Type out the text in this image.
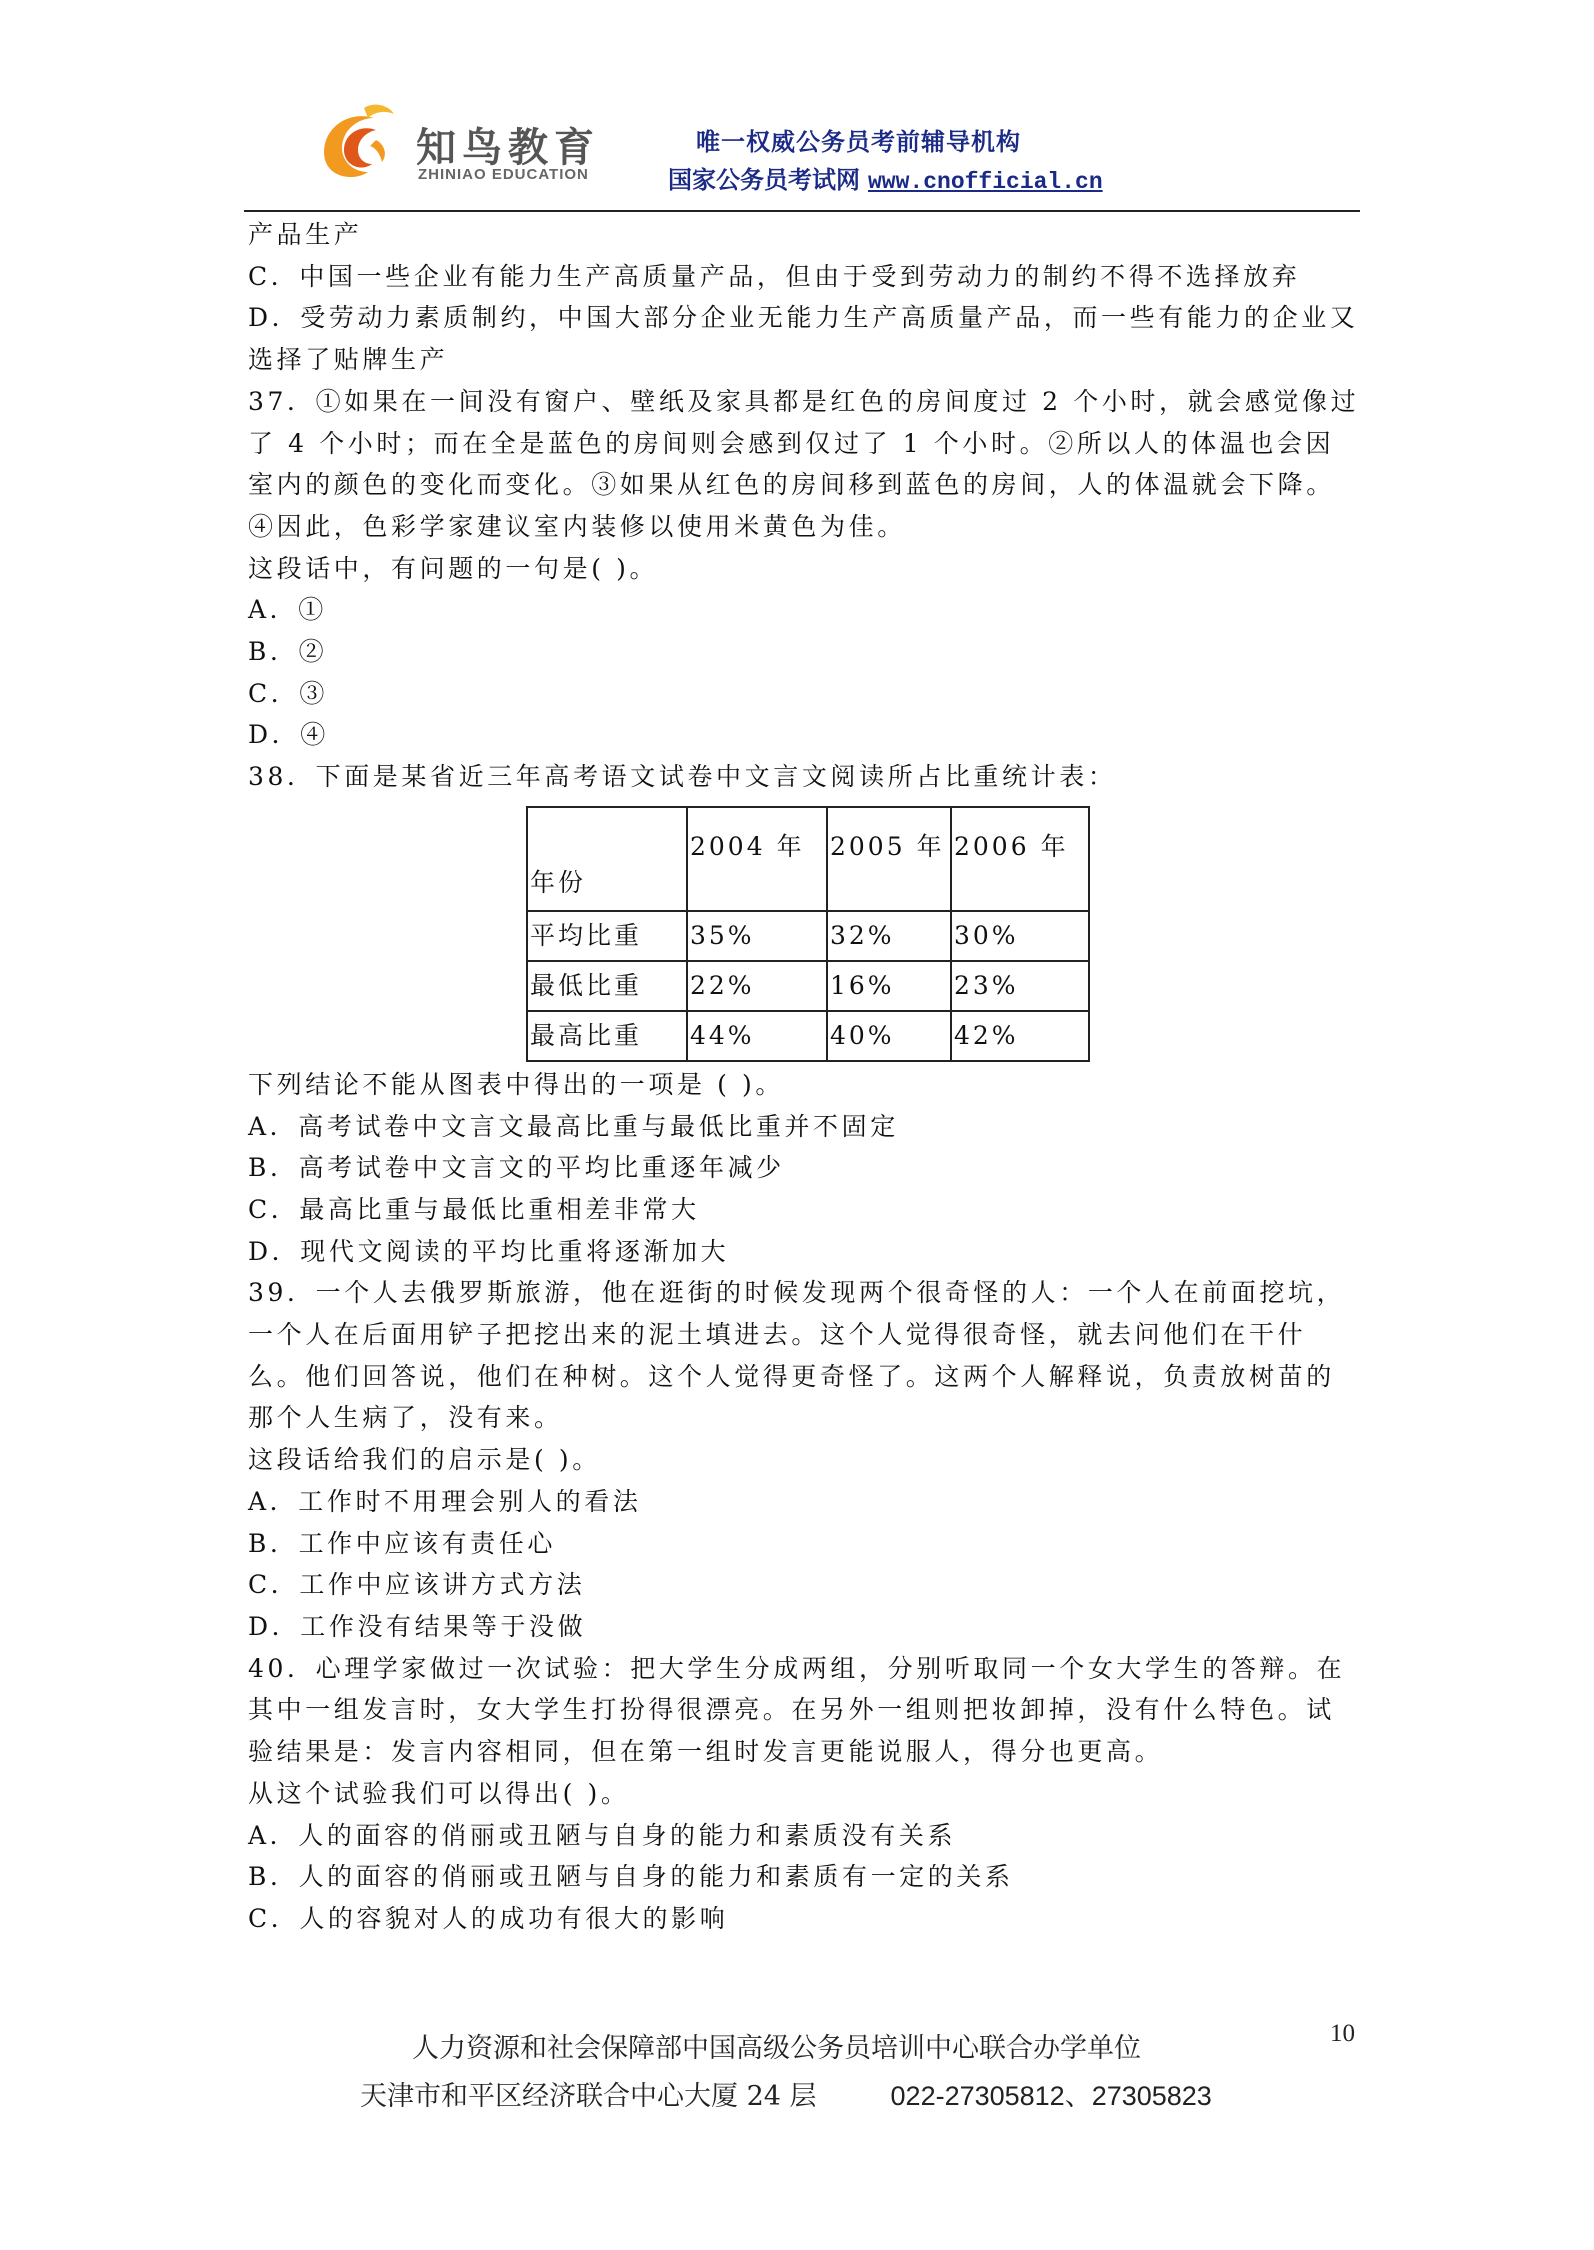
知鸟教育
ZHINIAO EDUCATION
唯一权威公务员考前辅导机构
国家公务员考试网 www.cnofficial.cn

产品生产

C．中国一些企业有能力生产高质量产品，但由于受到劳动力的制约不得不选择放弃

D．受劳动力素质制约，中国大部分企业无能力生产高质量产品，而一些有能力的企业又选择了贴牌生产

37．①如果在一间没有窗户、壁纸及家具都是红色的房间度过 2 个小时，就会感觉像过了 4 个小时；而在全是蓝色的房间则会感到仅过了 1 个小时。②所以人的体温也会因室内的颜色的变化而变化。③如果从红色的房间移到蓝色的房间，人的体温就会下降。④因此，色彩学家建议室内装修以使用米黄色为佳。

这段话中，有问题的一句是( )。

A．①

B．②

C．③

D．④

38．下面是某省近三年高考语文试卷中文言文阅读所占比重统计表：

年份	2004 年	2005 年	2006 年
平均比重	35%	32%	30%
最低比重	22%	16%	23%
最高比重	44%	40%	42%

下列结论不能从图表中得出的一项是 ( )。

A．高考试卷中文言文最高比重与最低比重并不固定

B．高考试卷中文言文的平均比重逐年减少

C．最高比重与最低比重相差非常大

D．现代文阅读的平均比重将逐渐加大

39．一个人去俄罗斯旅游，他在逛街的时候发现两个很奇怪的人：一个人在前面挖坑，一个人在后面用铲子把挖出来的泥土填进去。这个人觉得很奇怪，就去问他们在干什么。他们回答说，他们在种树。这个人觉得更奇怪了。这两个人解释说，负责放树苗的那个人生病了，没有来。

这段话给我们的启示是( )。

A．工作时不用理会别人的看法

B．工作中应该有责任心

C．工作中应该讲方式方法

D．工作没有结果等于没做

40．心理学家做过一次试验：把大学生分成两组，分别听取同一个女大学生的答辩。在其中一组发言时，女大学生打扮得很漂亮。在另外一组则把妆卸掉，没有什么特色。试验结果是：发言内容相同，但在第一组时发言更能说服人，得分也更高。

从这个试验我们可以得出( )。

A．人的面容的俏丽或丑陋与自身的能力和素质没有关系

B．人的面容的俏丽或丑陋与自身的能力和素质有一定的关系

C．人的容貌对人的成功有很大的影响

人力资源和社会保障部中国高级公务员培训中心联合办学单位	10
天津市和平区经济联合中心大厦 24 层	022-27305812、27305823
